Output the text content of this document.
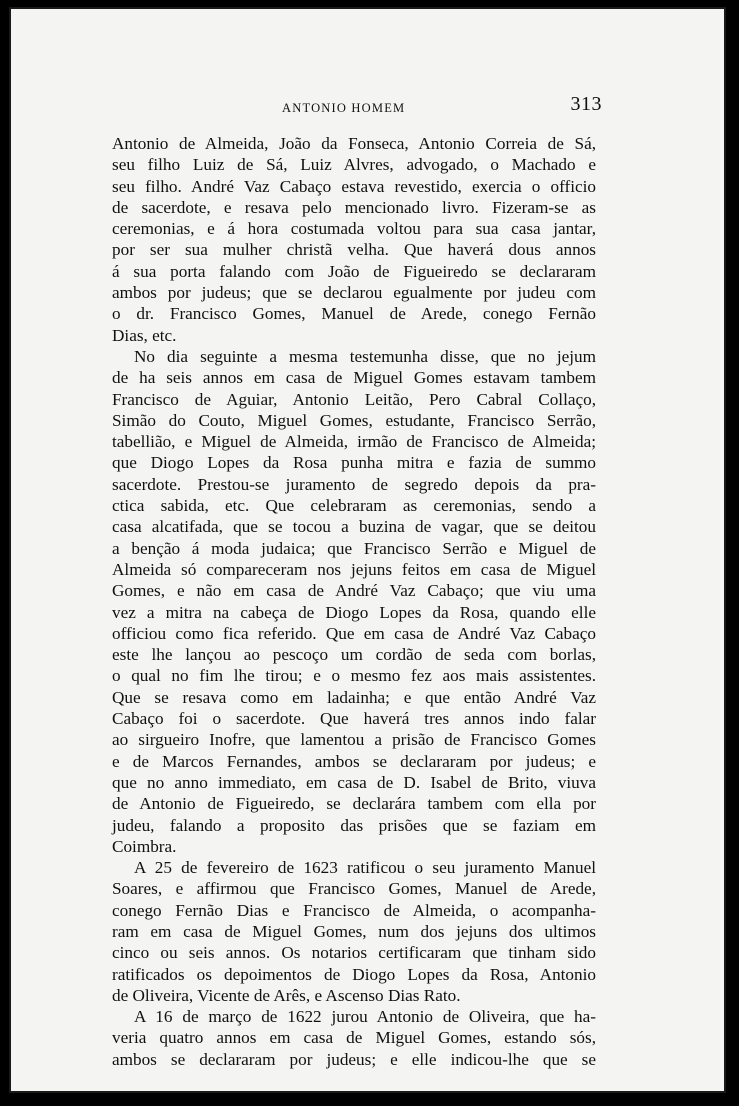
ANTONIO HOMEM	313
Antonio de Almeida, João da Fonseca, Antonio Correia de Sá,
seu filho Luiz de Sá, Luiz Alvres, advogado, o Machado e
seu filho. André Vaz Cabaço estava revestido, exercia o officio
de sacerdote, e resava pelo mencionado livro. Fizeram-se as
ceremonias, e á hora costumada voltou para sua casa jantar,
por ser sua mulher christã velha. Que haverá dous annos
á sua porta falando com João de Figueiredo se declararam
ambos por judeus; que se declarou egualmente por judeu com
o dr. Francisco Gomes, Manuel de Arede, conego Fernão
Dias, etc.
No dia seguinte a mesma testemunha disse, que no jejum
de ha seis annos em casa de Miguel Gomes estavam tambem
Francisco de Aguiar, Antonio Leitão, Pero Cabral Collaço,
Simão do Couto, Miguel Gomes, estudante, Francisco Serrão,
tabellião, e Miguel de Almeida, irmão de Francisco de Almeida;
que Diogo Lopes da Rosa punha mitra e fazia de summo
sacerdote. Prestou-se juramento de segredo depois da pra-
ctica sabida, etc. Que celebraram as ceremonias, sendo a
casa alcatifada, que se tocou a buzina de vagar, que se deitou
a benção á moda judaica; que Francisco Serrão e Miguel de
Almeida só compareceram nos jejuns feitos em casa de Miguel
Gomes, e não em casa de André Vaz Cabaço; que viu uma
vez a mitra na cabeça de Diogo Lopes da Rosa, quando elle
officiou como fica referido. Que em casa de André Vaz Cabaço
este lhe lançou ao pescoço um cordão de seda com borlas,
o qual no fim lhe tirou; e o mesmo fez aos mais assistentes.
Que se resava como em ladainha; e que então André Vaz
Cabaço foi o sacerdote. Que haverá tres annos indo falar
ao sirgueiro Inofre, que lamentou a prisão de Francisco Gomes
e de Marcos Fernandes, ambos se declararam por judeus; e
que no anno immediato, em casa de D. Isabel de Brito, viuva
de Antonio de Figueiredo, se declarára tambem com ella por
judeu, falando a proposito das prisões que se faziam em
Coimbra.
A 25 de fevereiro de 1623 ratificou o seu juramento Manuel
Soares, e affirmou que Francisco Gomes, Manuel de Arede,
conego Fernão Dias e Francisco de Almeida, o acompanha-
ram em casa de Miguel Gomes, num dos jejuns dos ultimos
cinco ou seis annos. Os notarios certificaram que tinham sido
ratificados os depoimentos de Diogo Lopes da Rosa, Antonio
de Oliveira, Vicente de Arês, e Ascenso Dias Rato.
A 16 de março de 1622 jurou Antonio de Oliveira, que ha-
veria quatro annos em casa de Miguel Gomes, estando sós,
ambos se declararam por judeus; e elle indicou-lhe que se
